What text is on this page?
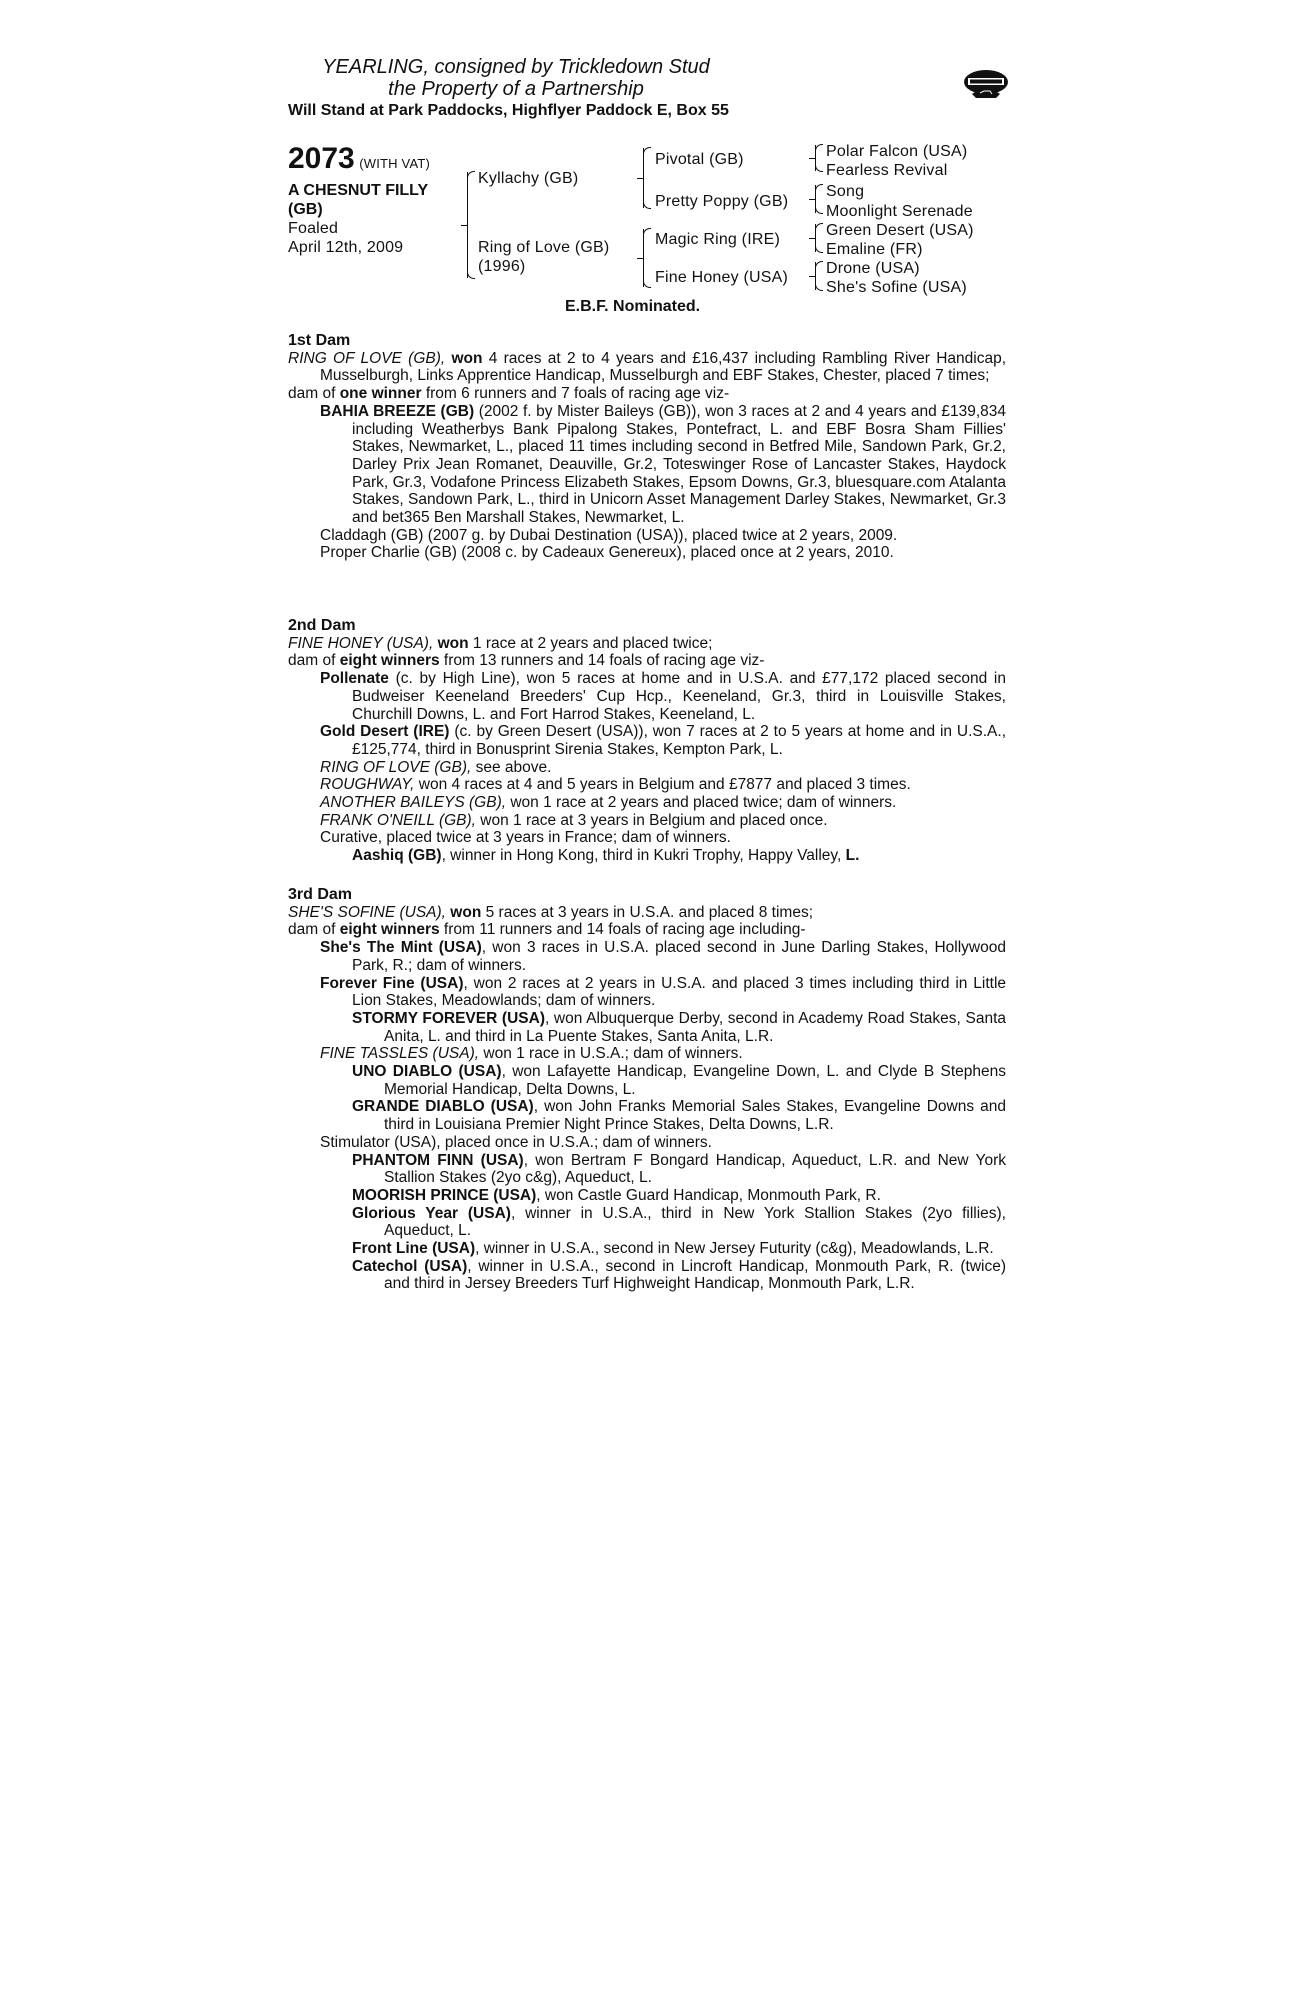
YEARLING, consigned by Trickledown Stud
the Property of a Partnership
Will Stand at Park Paddocks, Highflyer Paddock E, Box 55
2073 (WITH VAT)
A CHESNUT FILLY
(GB)
Foaled
April 12th, 2009
Kyllachy (GB)
Ring of Love (GB)
(1996)
Pivotal (GB)
Pretty Poppy (GB)
Magic Ring (IRE)
Fine Honey (USA)
Polar Falcon (USA)
Fearless Revival
Song
Moonlight Serenade
Green Desert (USA)
Emaline (FR)
Drone (USA)
She's Sofine (USA)
E.B.F. Nominated.
1st Dam
RING OF LOVE (GB), won 4 races at 2 to 4 years and £16,437 including Rambling River Handicap, Musselburgh, Links Apprentice Handicap, Musselburgh and EBF Stakes, Chester, placed 7 times;
dam of one winner from 6 runners and 7 foals of racing age viz-
BAHIA BREEZE (GB) (2002 f. by Mister Baileys (GB)), won 3 races at 2 and 4 years and £139,834 including Weatherbys Bank Pipalong Stakes, Pontefract, L. and EBF Bosra Sham Fillies' Stakes, Newmarket, L., placed 11 times including second in Betfred Mile, Sandown Park, Gr.2, Darley Prix Jean Romanet, Deauville, Gr.2, Toteswinger Rose of Lancaster Stakes, Haydock Park, Gr.3, Vodafone Princess Elizabeth Stakes, Epsom Downs, Gr.3, bluesquare.com Atalanta Stakes, Sandown Park, L., third in Unicorn Asset Management Darley Stakes, Newmarket, Gr.3 and bet365 Ben Marshall Stakes, Newmarket, L.
Claddagh (GB) (2007 g. by Dubai Destination (USA)), placed twice at 2 years, 2009.
Proper Charlie (GB) (2008 c. by Cadeaux Genereux), placed once at 2 years, 2010.
2nd Dam
FINE HONEY (USA), won 1 race at 2 years and placed twice;
dam of eight winners from 13 runners and 14 foals of racing age viz-
Pollenate (c. by High Line), won 5 races at home and in U.S.A. and £77,172 placed second in Budweiser Keeneland Breeders' Cup Hcp., Keeneland, Gr.3, third in Louisville Stakes, Churchill Downs, L. and Fort Harrod Stakes, Keeneland, L.
Gold Desert (IRE) (c. by Green Desert (USA)), won 7 races at 2 to 5 years at home and in U.S.A., £125,774, third in Bonusprint Sirenia Stakes, Kempton Park, L.
RING OF LOVE (GB), see above.
ROUGHWAY, won 4 races at 4 and 5 years in Belgium and £7877 and placed 3 times.
ANOTHER BAILEYS (GB), won 1 race at 2 years and placed twice; dam of winners.
FRANK O'NEILL (GB), won 1 race at 3 years in Belgium and placed once.
Curative, placed twice at 3 years in France; dam of winners.
Aashiq (GB), winner in Hong Kong, third in Kukri Trophy, Happy Valley, L.
3rd Dam
SHE'S SOFINE (USA), won 5 races at 3 years in U.S.A. and placed 8 times;
dam of eight winners from 11 runners and 14 foals of racing age including-
She's The Mint (USA), won 3 races in U.S.A. placed second in June Darling Stakes, Hollywood Park, R.; dam of winners.
Forever Fine (USA), won 2 races at 2 years in U.S.A. and placed 3 times including third in Little Lion Stakes, Meadowlands; dam of winners.
STORMY FOREVER (USA), won Albuquerque Derby, second in Academy Road Stakes, Santa Anita, L. and third in La Puente Stakes, Santa Anita, L.R.
FINE TASSLES (USA), won 1 race in U.S.A.; dam of winners.
UNO DIABLO (USA), won Lafayette Handicap, Evangeline Down, L. and Clyde B Stephens Memorial Handicap, Delta Downs, L.
GRANDE DIABLO (USA), won John Franks Memorial Sales Stakes, Evangeline Downs and third in Louisiana Premier Night Prince Stakes, Delta Downs, L.R.
Stimulator (USA), placed once in U.S.A.; dam of winners.
PHANTOM FINN (USA), won Bertram F Bongard Handicap, Aqueduct, L.R. and New York Stallion Stakes (2yo c&g), Aqueduct, L.
MOORISH PRINCE (USA), won Castle Guard Handicap, Monmouth Park, R.
Glorious Year (USA), winner in U.S.A., third in New York Stallion Stakes (2yo fillies), Aqueduct, L.
Front Line (USA), winner in U.S.A., second in New Jersey Futurity (c&g), Meadowlands, L.R.
Catechol (USA), winner in U.S.A., second in Lincroft Handicap, Monmouth Park, R. (twice) and third in Jersey Breeders Turf Highweight Handicap, Monmouth Park, L.R.
